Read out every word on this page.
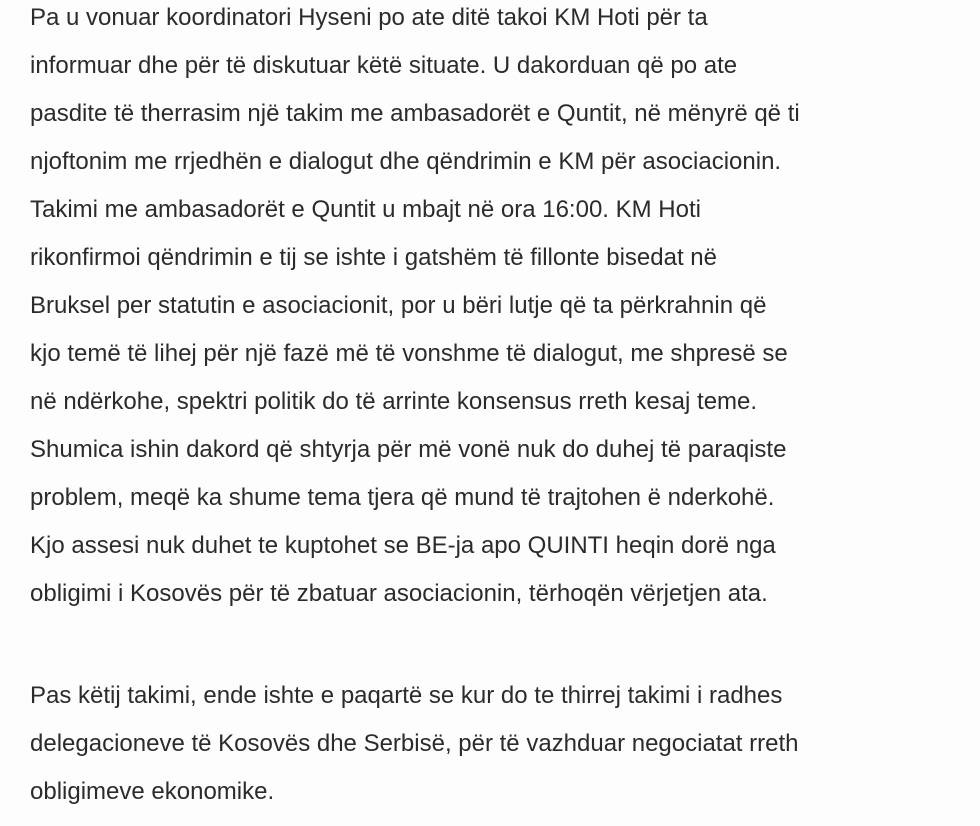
Pa u vonuar koordinatori Hyseni po ate ditë takoi KM Hoti për ta
informuar dhe për të diskutuar këtë situate. U dakorduan që po ate
pasdite të therrasim një takim me ambasadorët e Quntit, në mënyrë që ti
njoftonim me rrjedhën e dialogut dhe qëndrimin e KM për asociacionin.
Takimi me ambasadorët e Quntit u mbajt në ora 16:00. KM Hoti
rikonfirmoi qëndrimin e tij se ishte i gatshëm të fillonte bisedat në
Bruksel per statutin e asociacionit, por u bëri lutje që ta përkrahnin që
kjo temë të lihej për një fazë më të vonshme të dialogut, me shpresë se
në ndërkohe, spektri politik do të arrinte konsensus rreth kesaj teme.
Shumica ishin dakord që shtyrja për më vonë nuk do duhej të paraqiste
problem, meqë ka shume tema tjera që mund të trajtohen ë nderkohë.
Kjo assesi nuk duhet te kuptohet se BE-ja apo QUINTI heqin dorë nga
obligimi i Kosovës për të zbatuar asociacionin, tërhoqën vërjetjen ata.

Pas këtij takimi, ende ishte e paqartë se kur do te thirrej takimi i radhes
delegacioneve të Kosovës dhe Serbisë, për të vazhduar negociatat rreth
obligimeve ekonomike.
